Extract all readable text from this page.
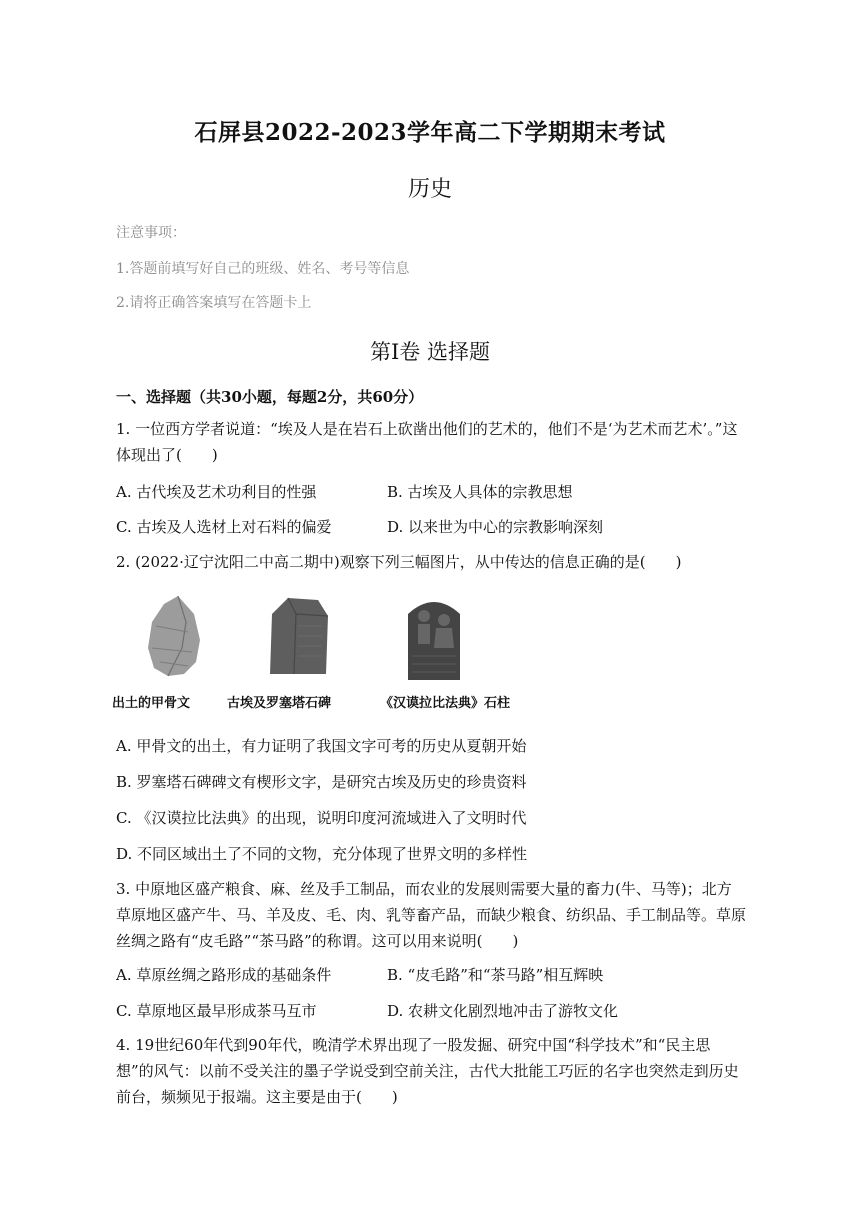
石屏县2022-2023学年高二下学期期末考试
历史
注意事项：
1.答题前填写好自己的班级、姓名、考号等信息
2.请将正确答案填写在答题卡上
第Ⅰ卷 选择题
一、选择题（共30小题，每题2分，共60分）
1. 一位西方学者说道：“埃及人是在岩石上砍凿出他们的艺术的，他们不是‘为艺术而艺术’。”这体现出了(　　)
A. 古代埃及艺术功利目的性强	B. 古埃及人具体的宗教思想
C. 古埃及人选材上对石料的偏爱	D. 以来世为中心的宗教影响深刻
2. (2022·辽宁沈阳二中高二期中)观察下列三幅图片，从中传达的信息正确的是(　　)
出土的甲骨文	古埃及罗塞塔石碑	《汉谟拉比法典》石柱
A. 甲骨文的出土，有力证明了我国文字可考的历史从夏朝开始
B. 罗塞塔石碑碑文有楔形文字，是研究古埃及历史的珍贵资料
C. 《汉谟拉比法典》的出现，说明印度河流域进入了文明时代
D. 不同区域出土了不同的文物，充分体现了世界文明的多样性
3. 中原地区盛产粮食、麻、丝及手工制品，而农业的发展则需要大量的畜力(牛、马等)；北方草原地区盛产牛、马、羊及皮、毛、肉、乳等畜产品，而缺少粮食、纺织品、手工制品等。草原丝绸之路有“皮毛路”“茶马路”的称谓。这可以用来说明(　　)
A. 草原丝绸之路形成的基础条件	B. “皮毛路”和“茶马路”相互辉映
C. 草原地区最早形成茶马互市	D. 农耕文化剧烈地冲击了游牧文化
4. 19世纪60年代到90年代，晚清学术界出现了一股发掘、研究中国“科学技术”和“民主思想”的风气：以前不受关注的墨子学说受到空前关注，古代大批能工巧匠的名字也突然走到历史前台，频频见于报端。这主要是由于(　　)
